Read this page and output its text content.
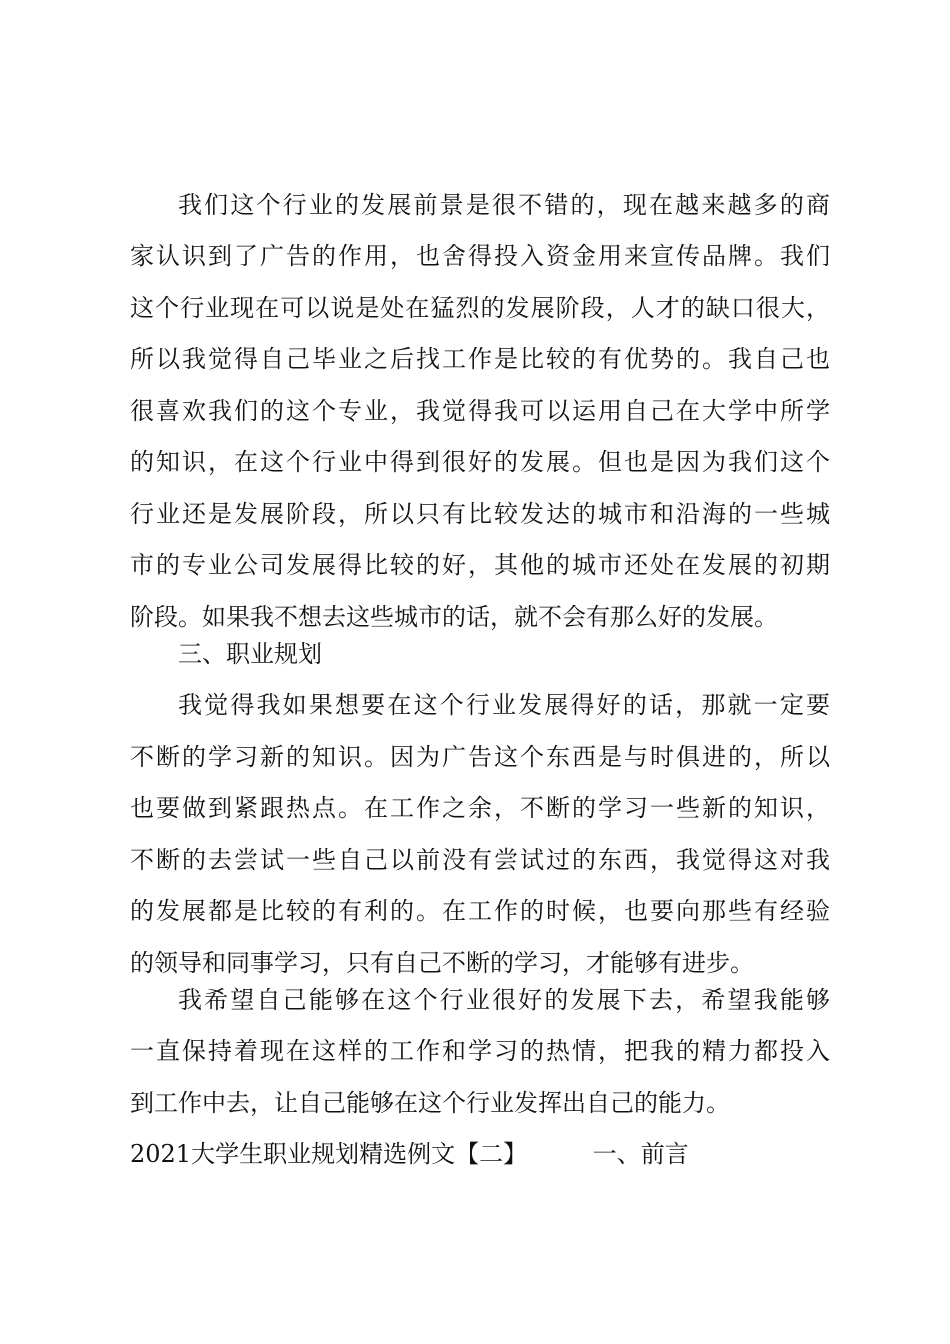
我们这个行业的发展前景是很不错的，现在越来越多的商
家认识到了广告的作用，也舍得投入资金用来宣传品牌。我们
这个行业现在可以说是处在猛烈的发展阶段，人才的缺口很大，
所以我觉得自己毕业之后找工作是比较的有优势的。我自己也
很喜欢我们的这个专业，我觉得我可以运用自己在大学中所学
的知识，在这个行业中得到很好的发展。但也是因为我们这个
行业还是发展阶段，所以只有比较发达的城市和沿海的一些城
市的专业公司发展得比较的好，其他的城市还处在发展的初期
阶段。如果我不想去这些城市的话，就不会有那么好的发展。
三、职业规划
我觉得我如果想要在这个行业发展得好的话，那就一定要
不断的学习新的知识。因为广告这个东西是与时俱进的，所以
也要做到紧跟热点。在工作之余，不断的学习一些新的知识，
不断的去尝试一些自己以前没有尝试过的东西，我觉得这对我
的发展都是比较的有利的。在工作的时候，也要向那些有经验
的领导和同事学习，只有自己不断的学习，才能够有进步。
我希望自己能够在这个行业很好的发展下去，希望我能够
一直保持着现在这样的工作和学习的热情，把我的精力都投入
到工作中去，让自己能够在这个行业发挥出自己的能力。
2021大学生职业规划精选例文【二】	一、前言
